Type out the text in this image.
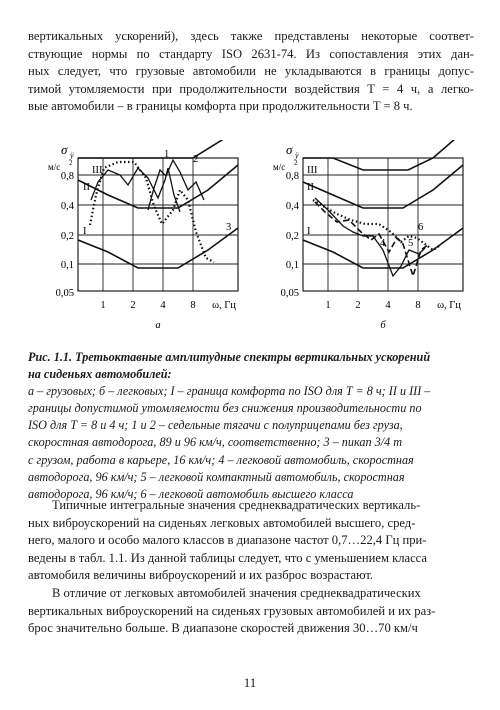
вертикальных ускорений), здесь также представлены некоторые соответ-
ствующие нормы по стандарту ISO 2631-74. Из сопоставления этих дан-
ных следует, что грузовые автомобили не укладываются в границы допус-
тимой утомляемости при продолжительности воздействия T = 4 ч, а легко-
вые автомобили – в границы комфорта при продолжительности T = 8 ч.
σ ÿ
м/с 2
0,8
0,4
0,2
0,1
0,05
1 2 4 8 ω, Гц
а
III
II
I
1 2
3
σ ÿ
м/с 2
0,8
0,4
0,2
0,1
0,05
1 2 4 8 ω, Гц
б
III
II
I
4 5
6
Рис. 1.1. Третьоктавные амплитудные спектры вертикальных ускорений
на сиденьях автомобилей:
а – грузовых; б – легковых; I – граница комфорта по ISO для T = 8 ч; II и III –
границы допустимой утомляемости без снижения производительности по
ISO для T = 8 и 4 ч; 1 и 2 – седельные тягачи с полуприцепами без груза,
скоростная автодорога, 89 и 96 км/ч, соответственно; 3 – пикап 3/4 т
с грузом, работа в карьере, 16 км/ч; 4 – легковой автомобиль, скоростная
автодорога, 96 км/ч; 5 – легковой компактный автомобиль, скоростная
автодорога, 96 км/ч; 6 – легковой автомобиль высшего класса
Типичные интегральные значения среднеквадратических вертикаль-
ных виброускорений на сиденьях легковых автомобилей высшего, сред-
него, малого и особо малого классов в диапазоне частот 0,7…22,4 Гц при-
ведены в табл. 1.1. Из данной таблицы следует, что с уменьшением класса
автомобиля величины виброускорений и их разброс возрастают.
В отличие от легковых автомобилей значения среднеквадратических
вертикальных виброускорений на сиденьях грузовых автомобилей и их раз-
брос значительно больше. В диапазоне скоростей движения 30…70 км/ч
11
